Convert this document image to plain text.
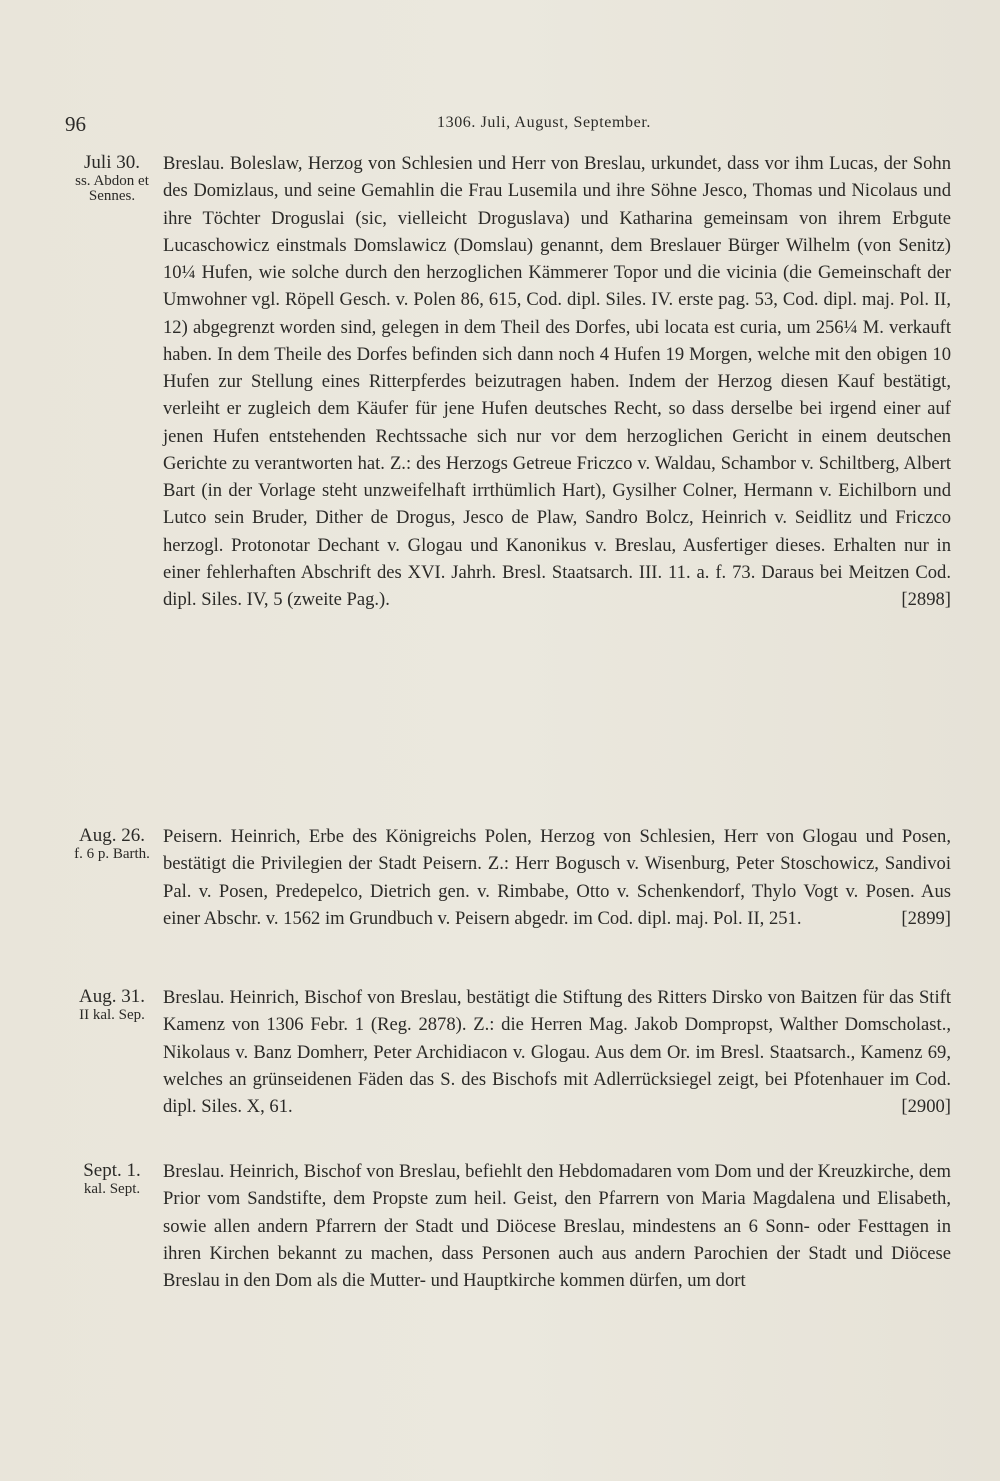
96	1306. Juli, August, September.
Juli 30.
ss. Abdon et Sennes.
Breslau. Boleslaw, Herzog von Schlesien und Herr von Breslau, urkundet, dass vor ihm Lucas, der Sohn des Domizlaus, und seine Gemahlin die Frau Lusemila und ihre Söhne Jesco, Thomas und Nicolaus und ihre Töchter Droguslai (sic, vielleicht Droguslava) und Katharina gemeinsam von ihrem Erbgute Lucaschowicz einstmals Domslawicz (Domslau) genannt, dem Breslauer Bürger Wilhelm (von Senitz) 10¼ Hufen, wie solche durch den herzoglichen Kämmerer Topor und die vicinia (die Gemeinschaft der Umwohner vgl. Röpell Gesch. v. Polen 86, 615, Cod. dipl. Siles. IV. erste pag. 53, Cod. dipl. maj. Pol. II, 12) abgegrenzt worden sind, gelegen in dem Theil des Dorfes, ubi locata est curia, um 256¼ M. verkauft haben. In dem Theile des Dorfes befinden sich dann noch 4 Hufen 19 Morgen, welche mit den obigen 10 Hufen zur Stellung eines Ritterpferdes beizutragen haben. Indem der Herzog diesen Kauf bestätigt, verleiht er zugleich dem Käufer für jene Hufen deutsches Recht, so dass derselbe bei irgend einer auf jenen Hufen entstehenden Rechtssache sich nur vor dem herzoglichen Gericht in einem deutschen Gerichte zu verantworten hat. Z.: des Herzogs Getreue Friczco v. Waldau, Schambor v. Schiltberg, Albert Bart (in der Vorlage steht unzweifelhaft irrthümlich Hart), Gysilher Colner, Hermann v. Eichilborn und Lutco sein Bruder, Dither de Drogus, Jesco de Plaw, Sandro Bolcz, Heinrich v. Seidlitz und Friczco herzogl. Protonotar Dechant v. Glogau und Kanonikus v. Breslau, Ausfertiger dieses. Erhalten nur in einer fehlerhaften Abschrift des XVI. Jahrh. Bresl. Staatsarch. III. 11. a. f. 73. Daraus bei Meitzen Cod. dipl. Siles. IV, 5 (zweite Pag.).	[2898]
Aug. 26.
f. 6 p. Barth.
Peisern. Heinrich, Erbe des Königreichs Polen, Herzog von Schlesien, Herr von Glogau und Posen, bestätigt die Privilegien der Stadt Peisern. Z.: Herr Bogusch v. Wisenburg, Peter Stoschowicz, Sandivoi Pal. v. Posen, Predepelco, Dietrich gen. v. Rimbabe, Otto v. Schenkendorf, Thylo Vogt v. Posen. Aus einer Abschr. v. 1562 im Grundbuch v. Peisern abgedr. im Cod. dipl. maj. Pol. II, 251.	[2899]
Aug. 31.
II kal. Sep.
Breslau. Heinrich, Bischof von Breslau, bestätigt die Stiftung des Ritters Dirsko von Baitzen für das Stift Kamenz von 1306 Febr. 1 (Reg. 2878). Z.: die Herren Mag. Jakob Dompropst, Walther Domscholast., Nikolaus v. Banz Domherr, Peter Archidiacon v. Glogau. Aus dem Or. im Bresl. Staatsarch., Kamenz 69, welches an grünseidenen Fäden das S. des Bischofs mit Adlerrücksiegel zeigt, bei Pfotenhauer im Cod. dipl. Siles. X, 61.	[2900]
Sept. 1.
kal. Sept.
Breslau. Heinrich, Bischof von Breslau, befiehlt den Hebdomadaren vom Dom und der Kreuzkirche, dem Prior vom Sandstifte, dem Propste zum heil. Geist, den Pfarrern von Maria Magdalena und Elisabeth, sowie allen andern Pfarrern der Stadt und Diöcese Breslau, mindestens an 6 Sonn- oder Festtagen in ihren Kirchen bekannt zu machen, dass Personen auch aus andern Parochien der Stadt und Diöcese Breslau in den Dom als die Mutter- und Hauptkirche kommen dürfen, um dort
